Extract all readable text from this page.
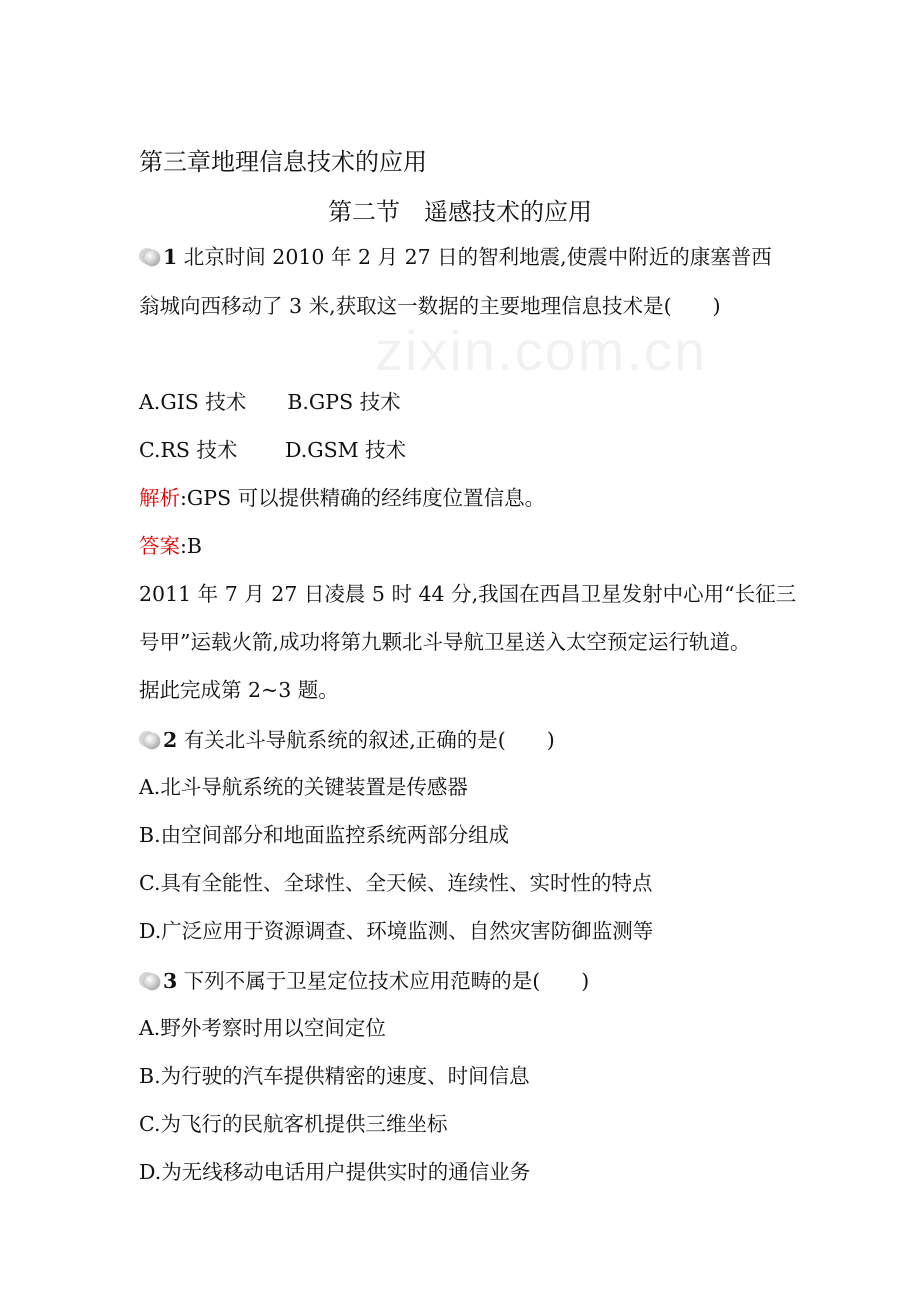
zixin.com.cn
第三章地理信息技术的应用
第二节　遥感技术的应用
1 北京时间 2010 年 2 月 27 日的智利地震,使震中附近的康塞普西
翁城向西移动了 3 米,获取这一数据的主要地理信息技术是(　　)
A.GIS 技术　　B.GPS 技术
C.RS 技术　　 D.GSM 技术
解析:GPS 可以提供精确的经纬度位置信息。
答案:B
2011 年 7 月 27 日凌晨 5 时 44 分,我国在西昌卫星发射中心用“长征三
号甲”运载火箭,成功将第九颗北斗导航卫星送入太空预定运行轨道。
据此完成第 2~3 题。
2 有关北斗导航系统的叙述,正确的是(　　)
A.北斗导航系统的关键装置是传感器
B.由空间部分和地面监控系统两部分组成
C.具有全能性、全球性、全天候、连续性、实时性的特点
D.广泛应用于资源调查、环境监测、自然灾害防御监测等
3 下列不属于卫星定位技术应用范畴的是(　　)
A.野外考察时用以空间定位
B.为行驶的汽车提供精密的速度、时间信息
C.为飞行的民航客机提供三维坐标
D.为无线移动电话用户提供实时的通信业务
